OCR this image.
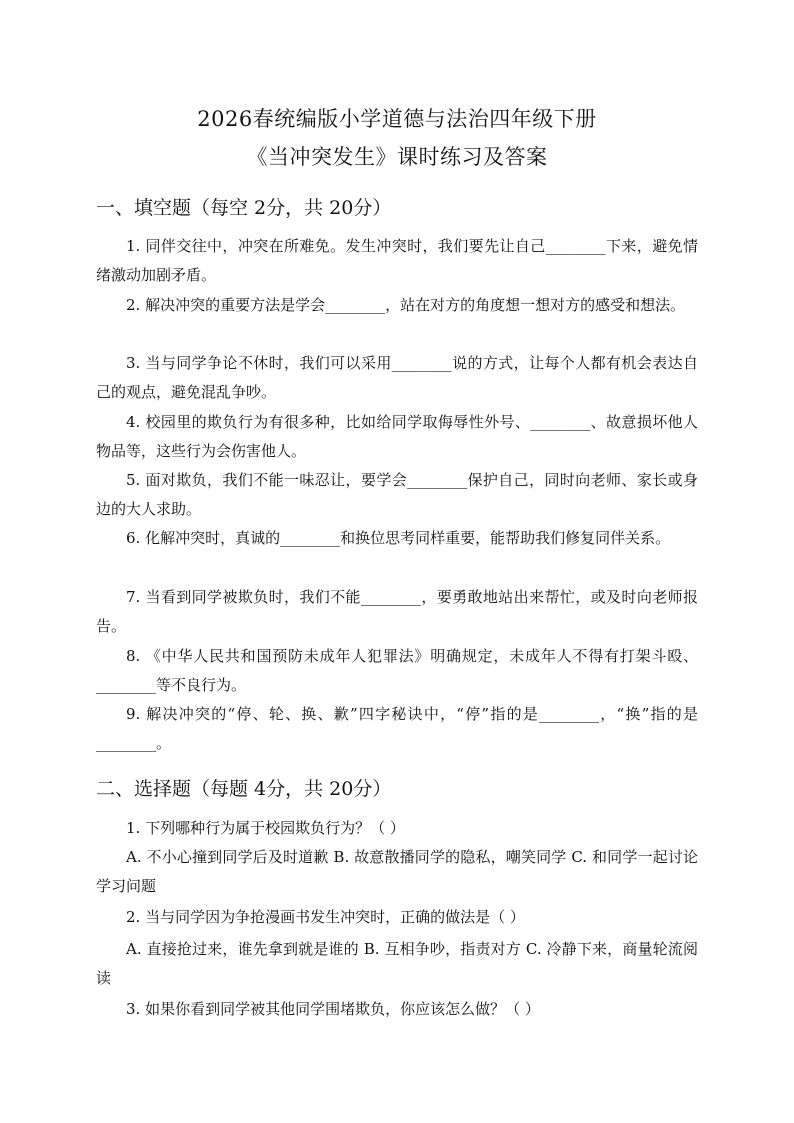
2026春统编版小学道德与法治四年级下册
《当冲突发生》课时练习及答案
一、填空题（每空 2分，共 20分）
1. 同伴交往中，冲突在所难免。发生冲突时，我们要先让自己________下来，避免情绪激动加剧矛盾。
2. 解决冲突的重要方法是学会________，站在对方的角度想一想对方的感受和想法。
3. 当与同学争论不休时，我们可以采用________说的方式，让每个人都有机会表达自己的观点，避免混乱争吵。
4. 校园里的欺负行为有很多种，比如给同学取侮辱性外号、________、故意损坏他人物品等，这些行为会伤害他人。
5. 面对欺负，我们不能一味忍让，要学会________保护自己，同时向老师、家长或身边的大人求助。
6. 化解冲突时，真诚的________和换位思考同样重要，能帮助我们修复同伴关系。
7. 当看到同学被欺负时，我们不能________，要勇敢地站出来帮忙，或及时向老师报告。
8. 《中华人民共和国预防未成年人犯罪法》明确规定，未成年人不得有打架斗殴、________等不良行为。
9. 解决冲突的“停、轮、换、歉”四字秘诀中，“停”指的是________，“换”指的是________。
二、选择题（每题 4分，共 20分）
1. 下列哪种行为属于校园欺负行为？（ ）
A. 不小心撞到同学后及时道歉 B. 故意散播同学的隐私，嘲笑同学 C. 和同学一起讨论学习问题
2. 当与同学因为争抢漫画书发生冲突时，正确的做法是（ ）
A. 直接抢过来，谁先拿到就是谁的 B. 互相争吵，指责对方 C. 冷静下来，商量轮流阅读
3. 如果你看到同学被其他同学围堵欺负，你应该怎么做？（ ）
